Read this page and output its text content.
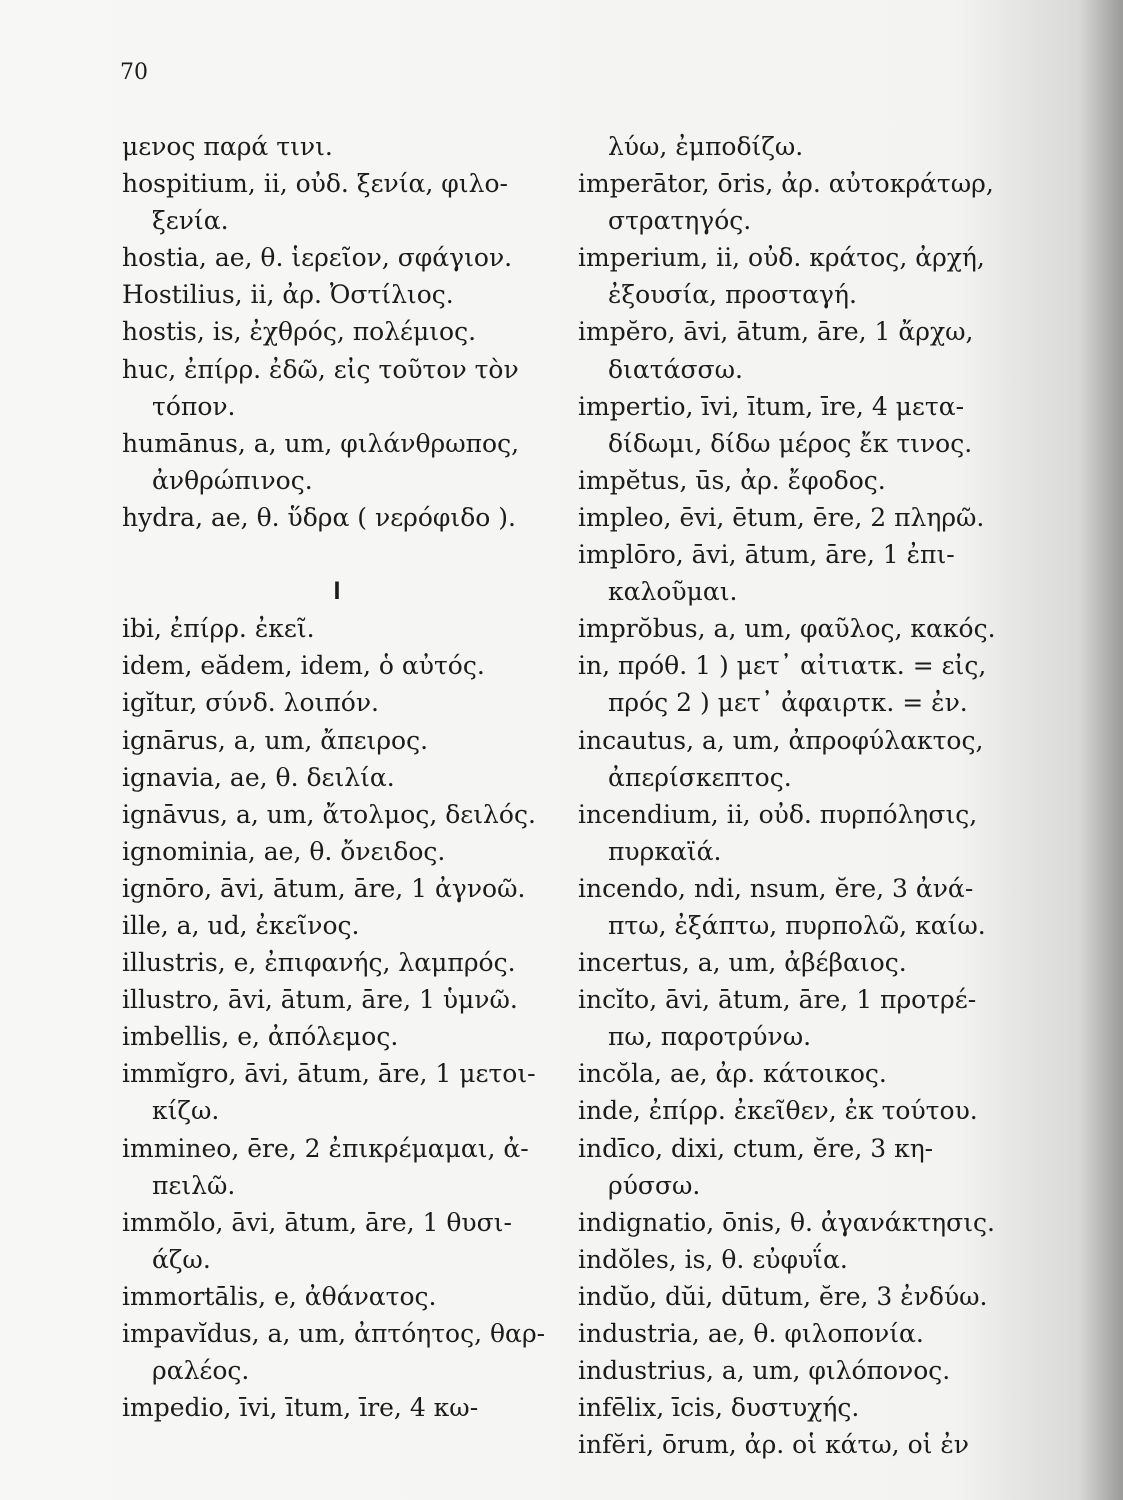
70
μενος παρά τινι.
hospitium, ii, οὐδ. ξενία, φιλο-
ξενία.
hostia, ae, θ. ἱερεῖον, σφάγιον.
Hostilius, ii, ἀρ. Ὀστίλιος.
hostis, is, ἐχθρός, πολέμιος.
huc, ἐπίρρ. ἐδῶ, εἰς τοῦτον τὸν
τόπον.
humānus, a, um, φιλάνθρωπος,
ἀνθρώπινος.
hydra, ae, θ. ὕδρα ( νερόφιδο ).
I
ibi, ἐπίρρ. ἐκεῖ.
idem, eădem, idem, ὁ αὐτός.
igĭtur, σύνδ. λοιπόν.
ignārus, a, um, ἄπειρος.
ignavia, ae, θ. δειλία.
ignāvus, a, um, ἄτολμος, δειλός.
ignominia, ae, θ. ὄνειδος.
ignōro, āvi, ātum, āre, 1 ἀγνοῶ.
ille, a, ud, ἐκεῖνος.
illustris, e, ἐπιφανής, λαμπρός.
illustro, āvi, ātum, āre, 1 ὑμνῶ.
imbellis, e, ἀπόλεμος.
immĭgro, āvi, ātum, āre, 1 μετοι-
κίζω.
immineo, ēre, 2 ἐπικρέμαμαι, ἀ-
πειλῶ.
immŏlo, āvi, ātum, āre, 1 θυσι-
άζω.
immortālis, e, ἀθάνατος.
impavĭdus, a, um, ἀπτόητος, θαρ-
ραλέος.
impedio, īvi, ītum, īre, 4 κω-
λύω, ἐμποδίζω.
imperātor, ōris, ἀρ. αὐτοκράτωρ,
στρατηγός.
imperium, ii, οὐδ. κράτος, ἀρχή,
ἐξουσία, προσταγή.
impĕro, āvi, ātum, āre, 1 ἄρχω,
διατάσσω.
impertio, īvi, ītum, īre, 4 μετα-
δίδωμι, δίδω μέρος ἔκ τινος.
impĕtus, ūs, ἀρ. ἔφοδος.
impleo, ēvi, ētum, ēre, 2 πληρῶ.
implōro, āvi, ātum, āre, 1 ἐπι-
καλοῦμαι.
imprŏbus, a, um, φαῦλος, κακός.
in, πρόθ. 1 ) μετ᾽ αἰτιατκ. = εἰς,
πρός 2 ) μετ᾽ ἀφαιρτκ. = ἐν.
incautus, a, um, ἀπροφύλακτος,
ἀπερίσκεπτος.
incendium, ii, οὐδ. πυρπόλησις,
πυρκαϊά.
incendo, ndi, nsum, ĕre, 3 ἀνά-
πτω, ἐξάπτω, πυρπολῶ, καίω.
incertus, a, um, ἀβέβαιος.
incĭto, āvi, ātum, āre, 1 προτρέ-
πω, παροτρύνω.
incŏla, ae, ἀρ. κάτοικος.
inde, ἐπίρρ. ἐκεῖθεν, ἐκ τούτου.
indīco, dixi, ctum, ĕre, 3 κη-
ρύσσω.
indignatio, ōnis, θ. ἀγανάκτησις.
indŏles, is, θ. εὐφυΐα.
indŭo, dŭi, dūtum, ĕre, 3 ἐνδύω.
industria, ae, θ. φιλοπονία.
industrius, a, um, φιλόπονος.
infēlix, īcis, δυστυχής.
infĕri, ōrum, ἀρ. οἱ κάτω, οἱ ἐν
